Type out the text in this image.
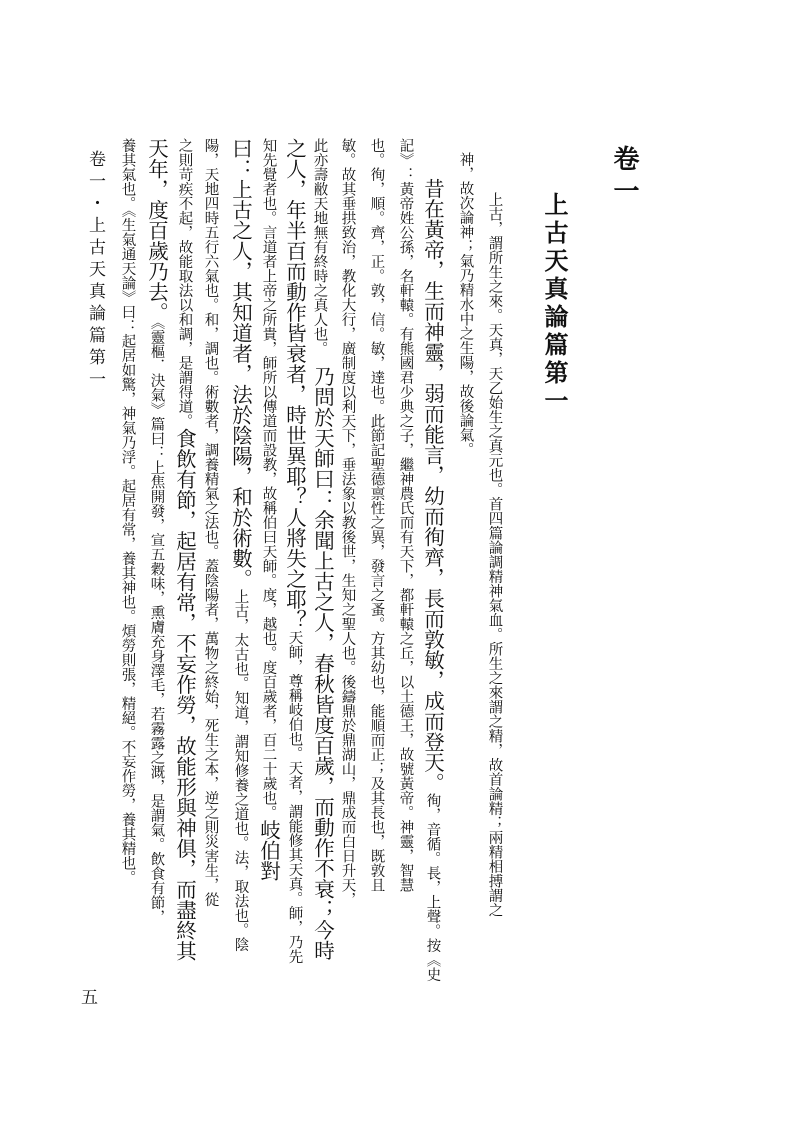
卷一
上古天真論篇第一
上古，謂所生之來。天真，天乙始生之真元也。首四篇論調精神氣血。所生之來謂之精，故首論精；兩精相搏謂之
神，故次論神；氣乃精水中之生陽，故後論氣。
昔在黃帝，生而神靈，弱而能言，幼而徇齊，長而敦敏，成而登天。徇，音循。長，上聲。按《史
記》：黃帝姓公孫，名軒轅。有熊國君少典之子，繼神農氏而有天下，都軒轅之丘，以土德王，故號黃帝。神靈，智慧
也。徇，順。齊，正。敦，信。敏，達也。此節記聖德禀性之異，發言之蚤。方其幼也，能順而正；及其長也，既敦且
敏。故其垂拱致治，教化大行，廣制度以利天下，垂法象以教後世，生知之聖人也。後鑄鼎於鼎湖山，鼎成而白日升天，
此亦壽敝天地無有終時之真人也。
乃問於天師曰：余聞上古之人，春秋皆度百歲，而動作不衰；今時
之人，年半百而動作皆衰者，時世異耶？人將失之耶？天師，尊稱岐伯也。天者，謂能修其天真。師，乃先
知先覺者也。言道者上帝之所貴，師所以傳道而設教，故稱伯曰天師。度，越也。度百歲者，百二十歲也。岐伯對
曰：上古之人，其知道者，法於陰陽，和於術數。上古，太古也。知道，謂知修養之道也。法，取法也。陰
陽，天地四時五行六氣也。和，調也。術數者，調養精氣之法也。蓋陰陽者，萬物之終始，死生之本，逆之則災害生，從
之則苛疾不起，故能取法以和調，是謂得道。食飲有節，起居有常，不妄作勞，故能形與神俱，而盡終其
天年，度百歲乃去。《靈樞．決氣》篇曰：上焦開發，宣五穀味，熏膚充身澤毛，若霧露之溉，是謂氣。飲食有節，
養其氣也。《生氣通天論》曰：起居如驚，神氣乃浮。起居有常，養其神也。煩勞則張，精絕。不妄作勞，養其精也。
卷一・上古天真論篇第一
五
